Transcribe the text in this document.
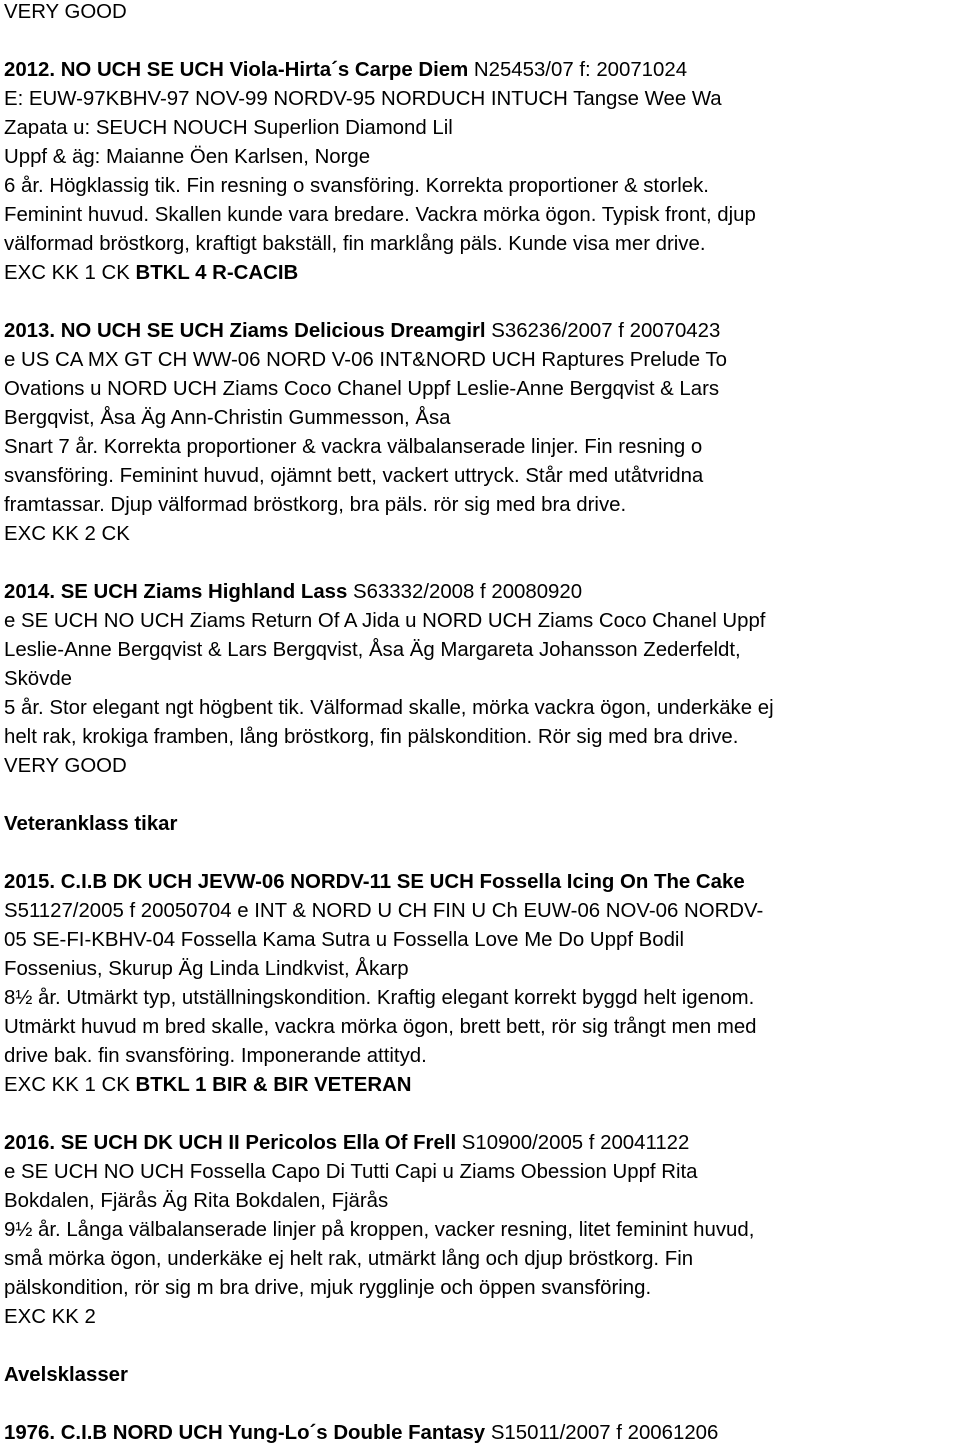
VERY GOOD
2012. NO UCH SE UCH Viola-Hirta´s Carpe Diem N25453/07 f: 20071024
E: EUW-97KBHV-97 NOV-99 NORDV-95 NORDUCH INTUCH Tangse Wee Wa
Zapata u: SEUCH NOUCH Superlion Diamond Lil
Uppf & äg: Maianne Öen Karlsen, Norge
6 år. Högklassig tik. Fin resning o svansföring. Korrekta proportioner & storlek.
Feminint huvud. Skallen kunde vara bredare. Vackra mörka ögon. Typisk front, djup
välformad bröstkorg, kraftigt bakställ, fin marklång päls. Kunde visa mer drive.
EXC KK 1 CK BTKL 4 R-CACIB
2013. NO UCH SE UCH Ziams Delicious Dreamgirl S36236/2007 f 20070423
e US CA MX GT CH WW-06 NORD V-06 INT&NORD UCH Raptures Prelude To
Ovations u NORD UCH Ziams Coco Chanel Uppf Leslie-Anne Bergqvist & Lars
Bergqvist, Åsa Äg Ann-Christin Gummesson, Åsa
Snart 7 år. Korrekta proportioner & vackra välbalanserade linjer. Fin resning o
svansföring. Feminint huvud, ojämnt bett, vackert uttryck. Står med utåtvridna
framtassar. Djup välformad bröstkorg, bra päls. rör sig med bra drive.
EXC KK 2 CK
2014. SE UCH Ziams Highland Lass S63332/2008 f 20080920
e SE UCH NO UCH Ziams Return Of A Jida u NORD UCH Ziams Coco Chanel Uppf
Leslie-Anne Bergqvist & Lars Bergqvist, Åsa Äg Margareta Johansson Zederfeldt,
Skövde
5 år. Stor elegant ngt högbent tik. Välformad skalle, mörka vackra ögon, underkäke ej
helt rak, krokiga framben, lång bröstkorg, fin pälskondition. Rör sig med bra drive.
VERY GOOD
Veteranklass tikar
2015. C.I.B DK UCH JEVW-06 NORDV-11 SE UCH Fossella Icing On The Cake
S51127/2005 f 20050704 e INT & NORD U CH FIN U Ch EUW-06 NOV-06 NORDV-
05 SE-FI-KBHV-04 Fossella Kama Sutra u Fossella Love Me Do Uppf Bodil
Fossenius, Skurup Äg Linda Lindkvist, Åkarp
8½ år. Utmärkt typ, utställningskondition. Kraftig elegant korrekt byggd helt igenom.
Utmärkt huvud m bred skalle, vackra mörka ögon, brett bett, rör sig trångt men med
drive bak. fin svansföring. Imponerande attityd.
EXC KK 1 CK BTKL 1 BIR & BIR VETERAN
2016. SE UCH DK UCH II Pericolos Ella Of Frell S10900/2005 f 20041122
e SE UCH NO UCH Fossella Capo Di Tutti Capi u Ziams Obession Uppf Rita
Bokdalen, Fjärås Äg Rita Bokdalen, Fjärås
9½ år. Långa välbalanserade linjer på kroppen, vacker resning, litet feminint huvud,
små mörka ögon, underkäke ej helt rak, utmärkt lång och djup bröstkorg. Fin
pälskondition, rör sig m bra drive, mjuk rygglinje och öppen svansföring.
EXC KK 2
Avelsklasser
1976. C.I.B NORD UCH Yung-Lo´s Double Fantasy S15011/2007 f 20061206
